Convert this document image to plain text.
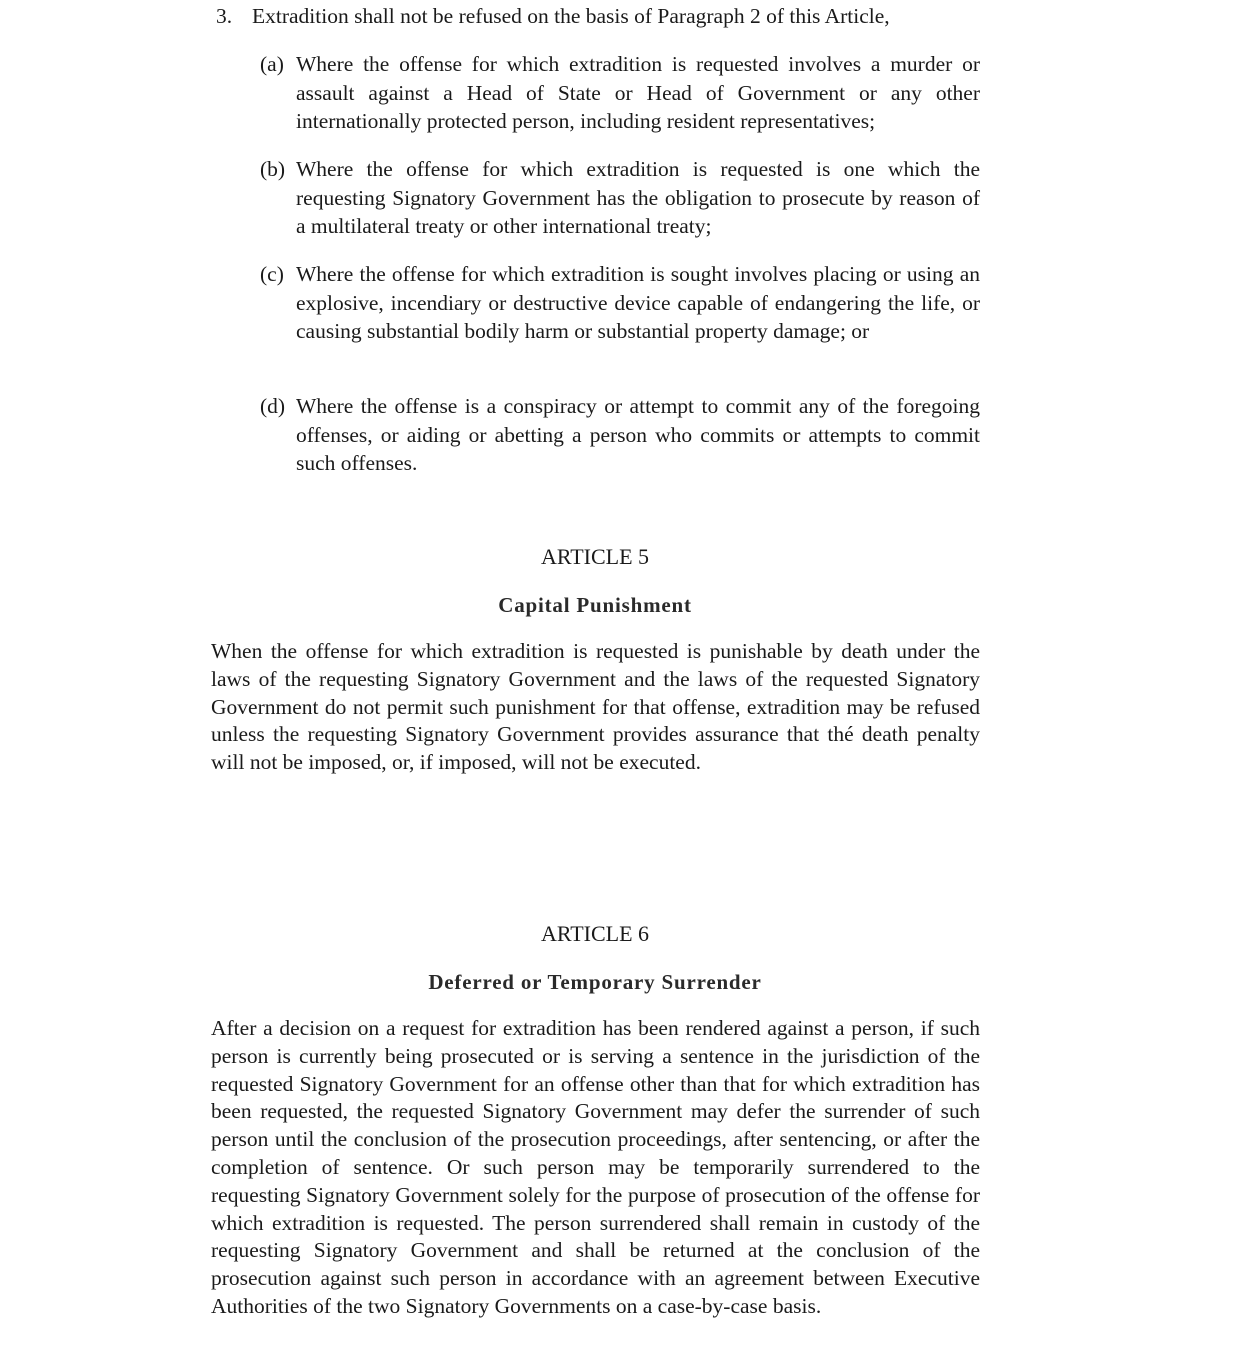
3. Extradition shall not be refused on the basis of Paragraph 2 of this Article,
(a) Where the offense for which extradition is requested involves a murder or assault against a Head of State or Head of Government or any other internationally protected person, including resident representatives;
(b) Where the offense for which extradition is requested is one which the requesting Signatory Government has the obligation to prosecute by reason of a multilateral treaty or other international treaty;
(c) Where the offense for which extradition is sought involves placing or using an explosive, incendiary or destructive device capable of endangering the life, or causing substantial bodily harm or substantial property damage; or
(d) Where the offense is a conspiracy or attempt to commit any of the foregoing offenses, or aiding or abetting a person who commits or attempts to commit such offenses.
ARTICLE 5
Capital Punishment
When the offense for which extradition is requested is punishable by death under the laws of the requesting Signatory Government and the laws of the requested Signatory Government do not permit such punishment for that offense, extradition may be refused unless the requesting Signatory Government provides assurance that thé death penalty will not be imposed, or, if imposed, will not be executed.
ARTICLE 6
Deferred or Temporary Surrender
After a decision on a request for extradition has been rendered against a person, if such person is currently being prosecuted or is serving a sentence in the jurisdiction of the requested Signatory Government for an offense other than that for which extradition has been requested, the requested Signatory Government may defer the surrender of such person until the conclusion of the prosecution proceedings, after sentencing, or after the completion of sentence. Or such person may be temporarily surrendered to the requesting Signatory Government solely for the purpose of prosecution of the offense for which extradition is requested. The person surrendered shall remain in custody of the requesting Signatory Government and shall be returned at the conclusion of the prosecution against such person in accordance with an agreement between Executive Authorities of the two Signatory Governments on a case-by-case basis.
